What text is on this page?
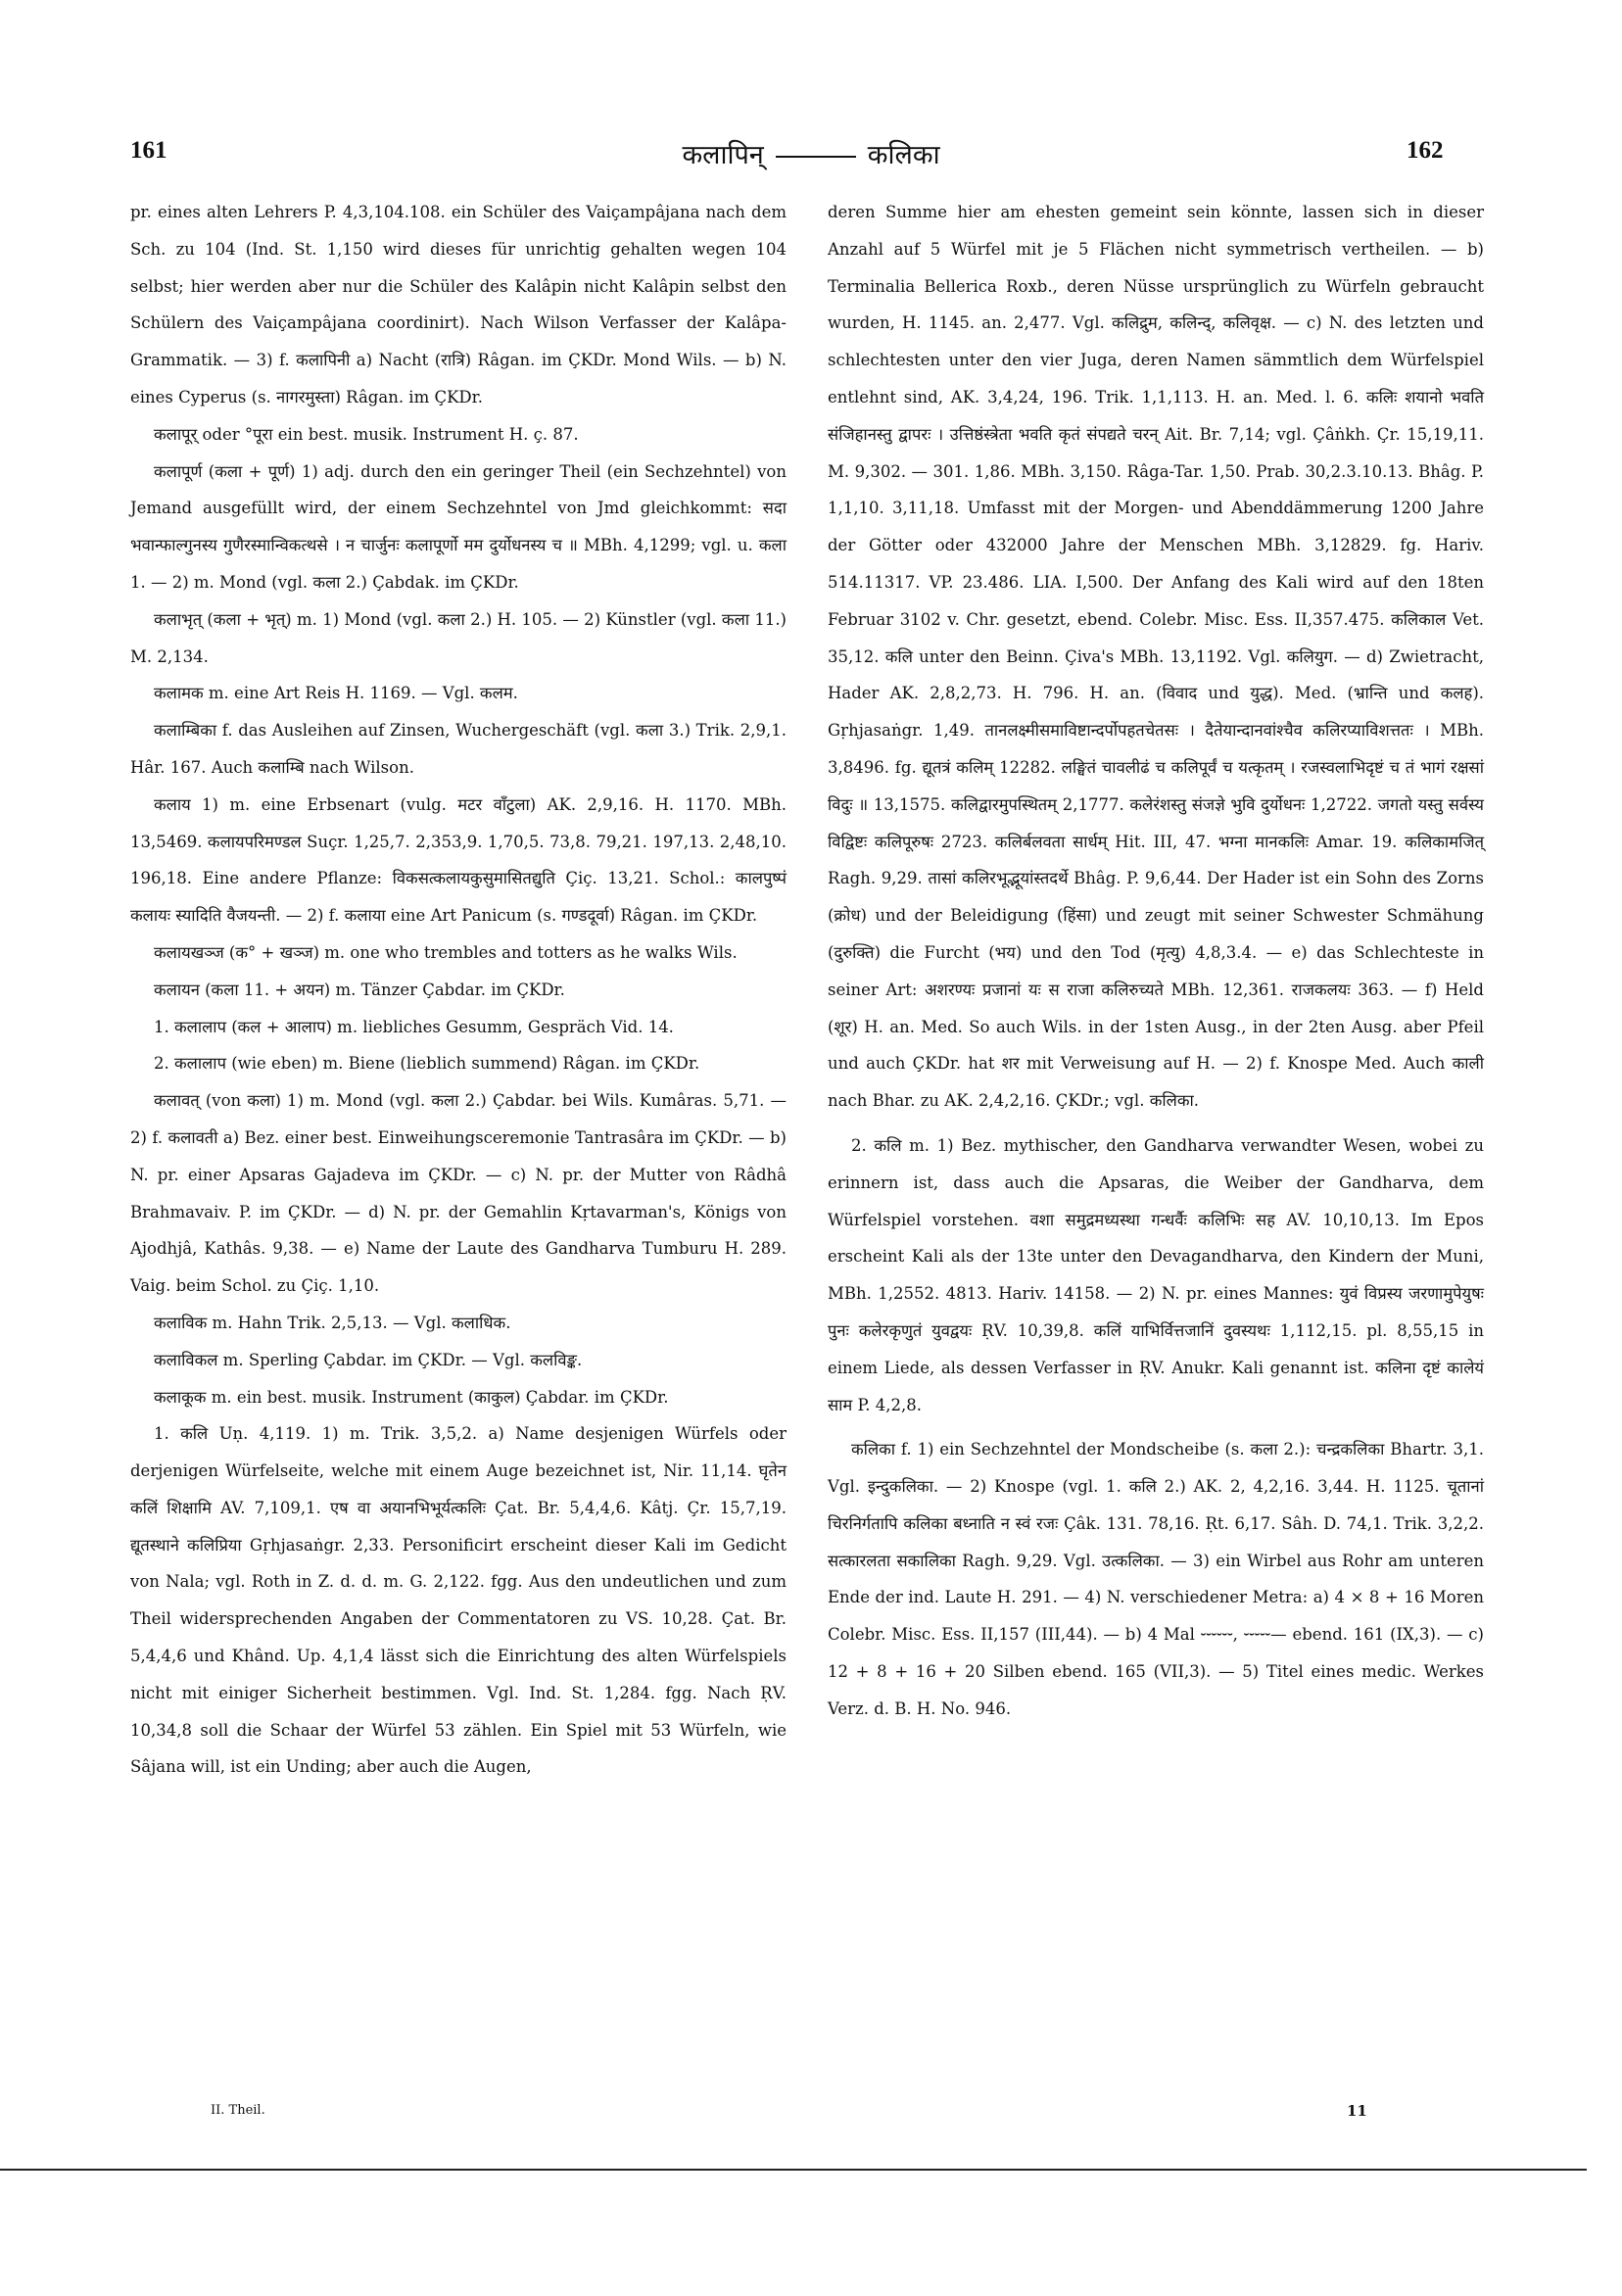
161	कलापिन्	कलिका	162

pr. eines alten Lehrers P. 4,3,104.108. ein Schüler des Vaiçampâjana nach dem Sch. zu 104 (Ind. St. 1,150 wird dieses für unrichtig gehalten wegen 104 selbst; hier werden aber nur die Schüler des Kalâpin nicht Kalâpin selbst den Schülern des Vaiçampâjana coordinirt). Nach Wilson Verfasser der Kalâpa-Grammatik. — 3) f. कलापिनी a) Nacht (रात्रि) Râgan. im ÇKDr. Mond Wils. — b) N. eines Cyperus (s. नागरमुस्ता) Râgan. im ÇKDr.

कलापूर् oder °पूरा ein best. musik. Instrument H. ç. 87.

कलापूर्ण (कला + पूर्ण) 1) adj. durch den ein geringer Theil (ein Sechzehntel) von Jemand ausgefüllt wird, der einem Sechzehntel von Jmd gleichkommt: सदा भवान्फाल्गुनस्य गुणैरस्मान्विकत्थसे । न चार्जुनः कलापूर्णो मम दुर्योधनस्य च ॥ MBh. 4,1299; vgl. u. कला 1. — 2) m. Mond (vgl. कला 2.) Çabdak. im ÇKDr.

कलाभृत् (कला + भृत्) m. 1) Mond (vgl. कला 2.) H. 105. — 2) Künstler (vgl. कला 11.) M. 2,134.

कलामक m. eine Art Reis H. 1169. — Vgl. कलम.

कलाम्बिका f. das Ausleihen auf Zinsen, Wuchergeschäft (vgl. कला 3.) Trik. 2,9,1. Hâr. 167. Auch कलाम्बि nach Wilson.

कलाय 1) m. eine Erbsenart (vulg. मटर वाँटुला) AK. 2,9,16. H. 1170. MBh. 13,5469. कलायपरिमण्डल Suçr. 1,25,7. 2,353,9. 1,70,5. 73,8. 79,21. 197,13. 2,48,10. 196,18. Eine andere Pflanze: विकसत्कलायकुसुमासितद्युति Çiç. 13,21. Schol.: कालपुष्पं कलायः स्यादिति वैजयन्ती. — 2) f. कलाया eine Art Panicum (s. गण्डदूर्वा) Râgan. im ÇKDr.

कलायखञ्ज (क° + खञ्ज) m. one who trembles and totters as he walks Wils.

कलायन (कला 11. + अयन) m. Tänzer Çabdar. im ÇKDr.

1. कलालाप (कल + आलाप) m. liebliches Gesumm, Gespräch Vid. 14.

2. कलालाप (wie eben) m. Biene (lieblich summend) Râgan. im ÇKDr.

कलावत् (von कला) 1) m. Mond (vgl. कला 2.) Çabdar. bei Wils. Kumâras. 5,71. — 2) f. कलावती a) Bez. einer best. Einweihungsceremonie Tantrasâra im ÇKDr. — b) N. pr. einer Apsaras Gajadeva im ÇKDr. — c) N. pr. der Mutter von Râdhâ Brahmavaiv. P. im ÇKDr. — d) N. pr. der Gemahlin Kṛtavarman's, Königs von Ajodhjâ, Kathâs. 9,38. — e) Name der Laute des Gandharva Tumburu H. 289. Vaig. beim Schol. zu Çiç. 1,10.

कलाविक m. Hahn Trik. 2,5,13. — Vgl. कलाधिक.

कलाविकल m. Sperling Çabdar. im ÇKDr. — Vgl. कलविङ्क.

कलाकूक m. ein best. musik. Instrument (काकुल) Çabdar. im ÇKDr.

1. कलि Uṇ. 4,119. 1) m. Trik. 3,5,2. a) Name desjenigen Würfels oder derjenigen Würfelseite, welche mit einem Auge bezeichnet ist, Nir. 11,14. घृतेन कलिं शिक्षामि AV. 7,109,1. एष वा अयानभिभूर्यत्कलिः Çat. Br. 5,4,4,6. Kâtj. Çr. 15,7,19. द्यूतस्थाने कलिप्रिया Gṛhjasaṅgr. 2,33. Personificirt erscheint dieser Kali im Gedicht von Nala; vgl. Roth in Z. d. d. m. G. 2,122. fgg. Aus den undeutlichen und zum Theil widersprechenden Angaben der Commentatoren zu VS. 10,28. Çat. Br. 5,4,4,6 und Khând. Up. 4,1,4 lässt sich die Einrichtung des alten Würfelspiels nicht mit einiger Sicherheit bestimmen. Vgl. Ind. St. 1,284. fgg. Nach ṚV. 10,34,8 soll die Schaar der Würfel 53 zählen. Ein Spiel mit 53 Würfeln, wie Sâjana will, ist ein Unding; aber auch die Augen,

deren Summe hier am ehesten gemeint sein könnte, lassen sich in dieser Anzahl auf 5 Würfel mit je 5 Flächen nicht symmetrisch vertheilen. — b) Terminalia Bellerica Roxb., deren Nüsse ursprünglich zu Würfeln gebraucht wurden, H. 1145. an. 2,477. Vgl. कलिद्रुम, कलिन्द्, कलिवृक्ष. — c) N. des letzten und schlechtesten unter den vier Juga, deren Namen sämmtlich dem Würfelspiel entlehnt sind, AK. 3,4,24, 196. Trik. 1,1,113. H. an. Med. l. 6. कलिः शयानो भवति संजिहानस्तु द्वापरः । उत्तिष्ठंस्त्रेता भवति कृतं संपद्यते चरन् Ait. Br. 7,14; vgl. Çâṅkh. Çr. 15,19,11. M. 9,302. — 301. 1,86. MBh. 3,150. Râga-Tar. 1,50. Prab. 30,2.3.10.13. Bhâg. P. 1,1,10. 3,11,18. Umfasst mit der Morgen- und Abenddämmerung 1200 Jahre der Götter oder 432000 Jahre der Menschen MBh. 3,12829. fg. Hariv. 514.11317. VP. 23.486. LIA. I,500. Der Anfang des Kali wird auf den 18ten Februar 3102 v. Chr. gesetzt, ebend. Colebr. Misc. Ess. II,357.475. कलिकाल Vet. 35,12. कलि unter den Beinn. Çiva's MBh. 13,1192. Vgl. कलियुग. — d) Zwietracht, Hader AK. 2,8,2,73. H. 796. H. an. (विवाद und युद्ध). Med. (भ्रान्ति und कलह). Gṛhjasaṅgr. 1,49. तानलक्ष्मीसमाविष्टान्दर्पोपहतचेतसः । दैतेयान्दानवांश्चैव कलिरप्याविशत्ततः । MBh. 3,8496. fg. द्यूतत्रं कलिम् 12282. लङ्घितं चावलीढं च कलिपूर्वं च यत्कृतम् । रजस्वलाभिदृष्टं च तं भागं रक्षसां विदुः ॥ 13,1575. कलिद्वारमुपस्थितम् 2,1777. कलेरंशस्तु संजज्ञे भुवि दुर्योधनः 1,2722. जगतो यस्तु सर्वस्य विद्विष्टः कलिपूरुषः 2723. कलिर्बलवता सार्धम् Hit. III, 47. भग्ना मानकलिः Amar. 19. कलिकामजित् Ragh. 9,29. तासां कलिरभूद्भूयांस्तदर्थे Bhâg. P. 9,6,44. Der Hader ist ein Sohn des Zorns (क्रोध) und der Beleidigung (हिंसा) und zeugt mit seiner Schwester Schmähung (दुरुक्ति) die Furcht (भय) und den Tod (मृत्यु) 4,8,3.4. — e) das Schlechteste in seiner Art: अशरण्यः प्रजानां यः स राजा कलिरुच्यते MBh. 12,361. राजकलयः 363. — f) Held (शूर) H. an. Med. So auch Wils. in der 1sten Ausg., in der 2ten Ausg. aber Pfeil und auch ÇKDr. hat शर mit Verweisung auf H. — 2) f. Knospe Med. Auch काली nach Bhar. zu AK. 2,4,2,16. ÇKDr.; vgl. कलिका.

2. कलि m. 1) Bez. mythischer, den Gandharva verwandter Wesen, wobei zu erinnern ist, dass auch die Apsaras, die Weiber der Gandharva, dem Würfelspiel vorstehen. वशा समुद्रमध्यस्था गन्धर्वैः कलिभिः सह AV. 10,10,13. Im Epos erscheint Kali als der 13te unter den Devagandharva, den Kindern der Muni, MBh. 1,2552. 4813. Hariv. 14158. — 2) N. pr. eines Mannes: युवं विप्रस्य जरणामुपेयुषः पुनः कलेरकृणुतं युवद्वयः ṚV. 10,39,8. कलिं याभिर्वित्तजानिं दुवस्यथः 1,112,15. pl. 8,55,15 in einem Liede, als dessen Verfasser in ṚV. Anukr. Kali genannt ist. कलिना दृष्टं कालेयं साम P. 4,2,8.

कलिका f. 1) ein Sechzehntel der Mondscheibe (s. कला 2.): चन्द्रकलिका Bhartr. 3,1. Vgl. इन्दुकलिका. — 2) Knospe (vgl. 1. कलि 2.) AK. 2, 4,2,16. 3,44. H. 1125. चूतानां चिरनिर्गतापि कलिका बध्नाति न स्वं रजः Çâk. 131. 78,16. Ṛt. 6,17. Sâh. D. 74,1. Trik. 3,2,2. सत्कारलता सकालिका Ragh. 9,29. Vgl. उत्कलिका. — 3) ein Wirbel aus Rohr am unteren Ende der ind. Laute H. 291. — 4) N. verschiedener Metra: a) 4 × 8 + 16 Moren Colebr. Misc. Ess. II,157 (III,44). — b) 4 Mal ⏑⏑⏑⏑⏑⏑, ⏑⏑⏑⏑⏑— ebend. 161 (IX,3). — c) 12 + 8 + 16 + 20 Silben ebend. 165 (VII,3). — 5) Titel eines medic. Werkes Verz. d. B. H. No. 946.

II. Theil.	11
